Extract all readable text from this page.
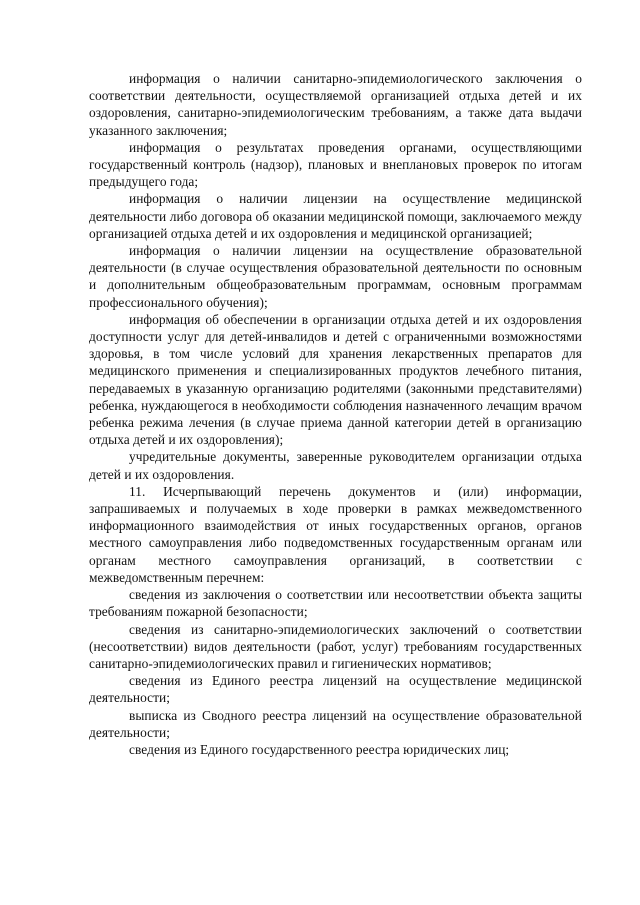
информация о наличии санитарно-эпидемиологического заключения о соответствии деятельности, осуществляемой организацией отдыха детей и их оздоровления, санитарно-эпидемиологическим требованиям, а также дата выдачи указанного заключения;

информация о результатах проведения органами, осуществляющими государственный контроль (надзор), плановых и внеплановых проверок по итогам предыдущего года;

информация о наличии лицензии на осуществление медицинской деятельности либо договора об оказании медицинской помощи, заключаемого между организацией отдыха детей и их оздоровления и медицинской организацией;

информация о наличии лицензии на осуществление образовательной деятельности (в случае осуществления образовательной деятельности по основным и дополнительным общеобразовательным программам, основным программам профессионального обучения);

информация об обеспечении в организации отдыха детей и их оздоровления доступности услуг для детей-инвалидов и детей с ограниченными возможностями здоровья, в том числе условий для хранения лекарственных препаратов для медицинского применения и специализированных продуктов лечебного питания, передаваемых в указанную организацию родителями (законными представителями) ребенка, нуждающегося в необходимости соблюдения назначенного лечащим врачом ребенка режима лечения (в случае приема данной категории детей в организацию отдыха детей и их оздоровления);

учредительные документы, заверенные руководителем организации отдыха детей и их оздоровления.

11. Исчерпывающий перечень документов и (или) информации, запрашиваемых и получаемых в ходе проверки в рамках межведомственного информационного взаимодействия от иных государственных органов, органов местного самоуправления либо подведомственных государственным органам или органам местного самоуправления организаций, в соответствии с межведомственным перечнем:

сведения из заключения о соответствии или несоответствии объекта защиты требованиям пожарной безопасности;

сведения из санитарно-эпидемиологических заключений о соответствии (несоответствии) видов деятельности (работ, услуг) требованиям государственных санитарно-эпидемиологических правил и гигиенических нормативов;

сведения из Единого реестра лицензий на осуществление медицинской деятельности;

выписка из Сводного реестра лицензий на осуществление образовательной деятельности;

сведения из Единого государственного реестра юридических лиц;
